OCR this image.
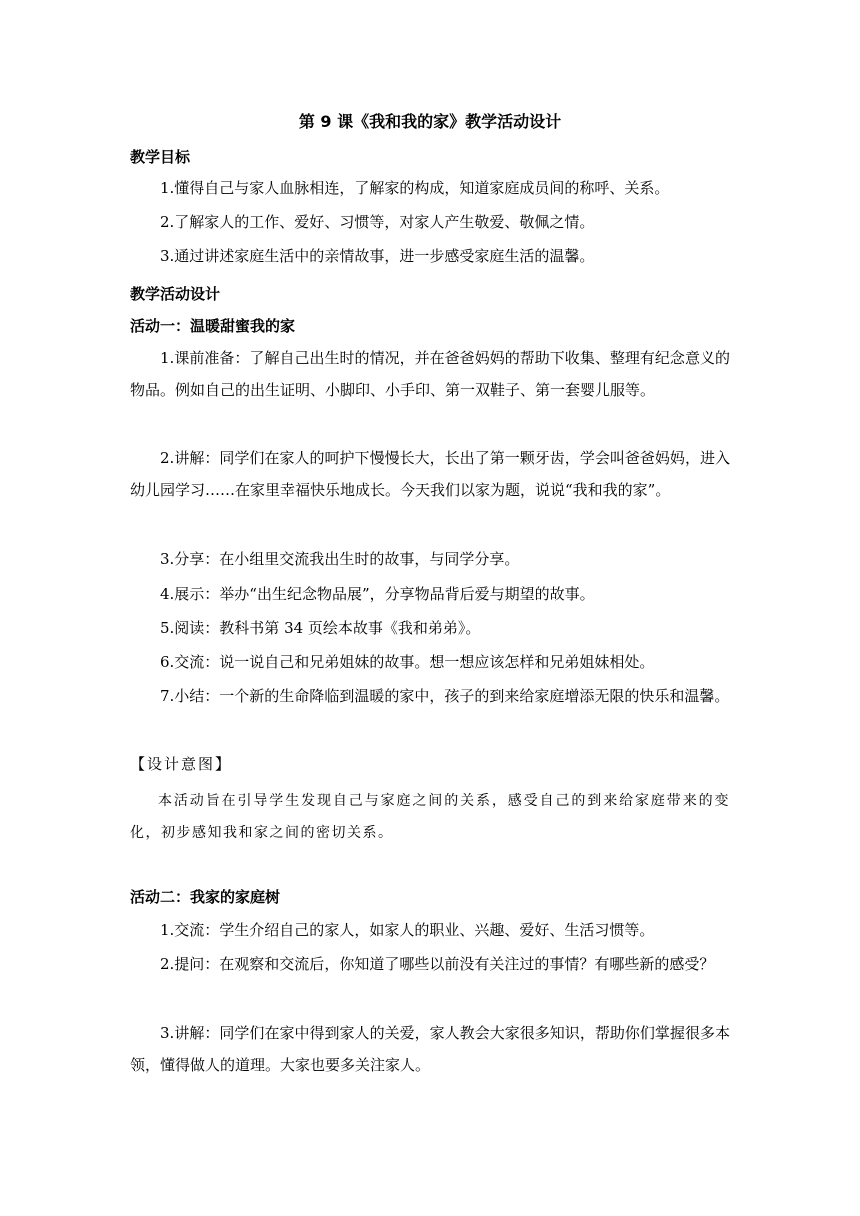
第 9 课《我和我的家》教学活动设计
教学目标
1.懂得自己与家人血脉相连，了解家的构成，知道家庭成员间的称呼、关系。
2.了解家人的工作、爱好、习惯等，对家人产生敬爱、敬佩之情。
3.通过讲述家庭生活中的亲情故事，进一步感受家庭生活的温馨。
教学活动设计
活动一：温暖甜蜜我的家
1.课前准备：了解自己出生时的情况，并在爸爸妈妈的帮助下收集、整理有纪念意义的物品。例如自己的出生证明、小脚印、小手印、第一双鞋子、第一套婴儿服等。
2.讲解：同学们在家人的呵护下慢慢长大，长出了第一颗牙齿，学会叫爸爸妈妈，进入幼儿园学习……在家里幸福快乐地成长。今天我们以家为题，说说“我和我的家”。
3.分享：在小组里交流我出生时的故事，与同学分享。
4.展示：举办“出生纪念物品展”，分享物品背后爱与期望的故事。
5.阅读：教科书第 34 页绘本故事《我和弟弟》。
6.交流：说一说自己和兄弟姐妹的故事。想一想应该怎样和兄弟姐妹相处。
7.小结：一个新的生命降临到温暖的家中，孩子的到来给家庭增添无限的快乐和温馨。
【设计意图】
本活动旨在引导学生发现自己与家庭之间的关系，感受自己的到来给家庭带来的变化，初步感知我和家之间的密切关系。
活动二：我家的家庭树
1.交流：学生介绍自己的家人，如家人的职业、兴趣、爱好、生活习惯等。
2.提问：在观察和交流后，你知道了哪些以前没有关注过的事情？有哪些新的感受？
3.讲解：同学们在家中得到家人的关爱，家人教会大家很多知识，帮助你们掌握很多本领，懂得做人的道理。大家也要多关注家人。
